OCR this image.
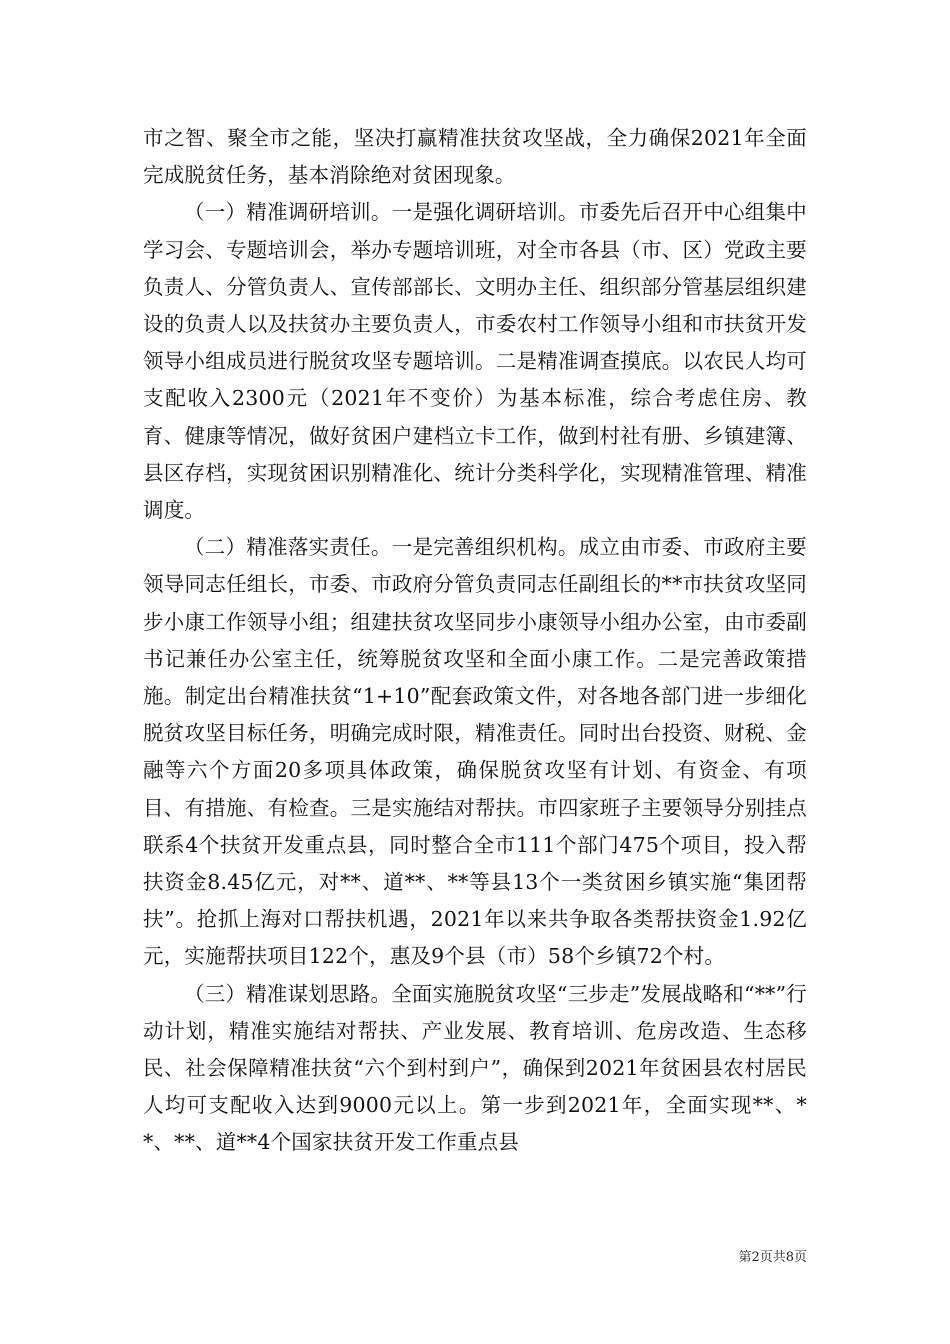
市之智、聚全市之能，坚决打赢精准扶贫攻坚战，全力确保2021年全面完成脱贫任务，基本消除绝对贫困现象。

（一）精准调研培训。一是强化调研培训。市委先后召开中心组集中学习会、专题培训会，举办专题培训班，对全市各县（市、区）党政主要负责人、分管负责人、宣传部部长、文明办主任、组织部分管基层组织建设的负责人以及扶贫办主要负责人，市委农村工作领导小组和市扶贫开发领导小组成员进行脱贫攻坚专题培训。二是精准调查摸底。以农民人均可支配收入2300元（2021年不变价）为基本标准，综合考虑住房、教育、健康等情况，做好贫困户建档立卡工作，做到村社有册、乡镇建簿、县区存档，实现贫困识别精准化、统计分类科学化，实现精准管理、精准调度。

（二）精准落实责任。一是完善组织机构。成立由市委、市政府主要领导同志任组长，市委、市政府分管负责同志任副组长的**市扶贫攻坚同步小康工作领导小组；组建扶贫攻坚同步小康领导小组办公室，由市委副书记兼任办公室主任，统筹脱贫攻坚和全面小康工作。二是完善政策措施。制定出台精准扶贫“1+10”配套政策文件，对各地各部门进一步细化脱贫攻坚目标任务，明确完成时限，精准责任。同时出台投资、财税、金融等六个方面20多项具体政策，确保脱贫攻坚有计划、有资金、有项目、有措施、有检查。三是实施结对帮扶。市四家班子主要领导分别挂点联系4个扶贫开发重点县，同时整合全市111个部门475个项目，投入帮扶资金8.45亿元，对**、道**、**等县13个一类贫困乡镇实施“集团帮扶”。抢抓上海对口帮扶机遇，2021年以来共争取各类帮扶资金1.92亿元，实施帮扶项目122个，惠及9个县（市）58个乡镇72个村。

（三）精准谋划思路。全面实施脱贫攻坚“三步走”发展战略和“**”行动计划，精准实施结对帮扶、产业发展、教育培训、危房改造、生态移民、社会保障精准扶贫“六个到村到户”，确保到2021年贫困县农村居民人均可支配收入达到9000元以上。第一步到2021年，全面实现**、**、**、道**4个国家扶贫开发工作重点县

第2页共8页
